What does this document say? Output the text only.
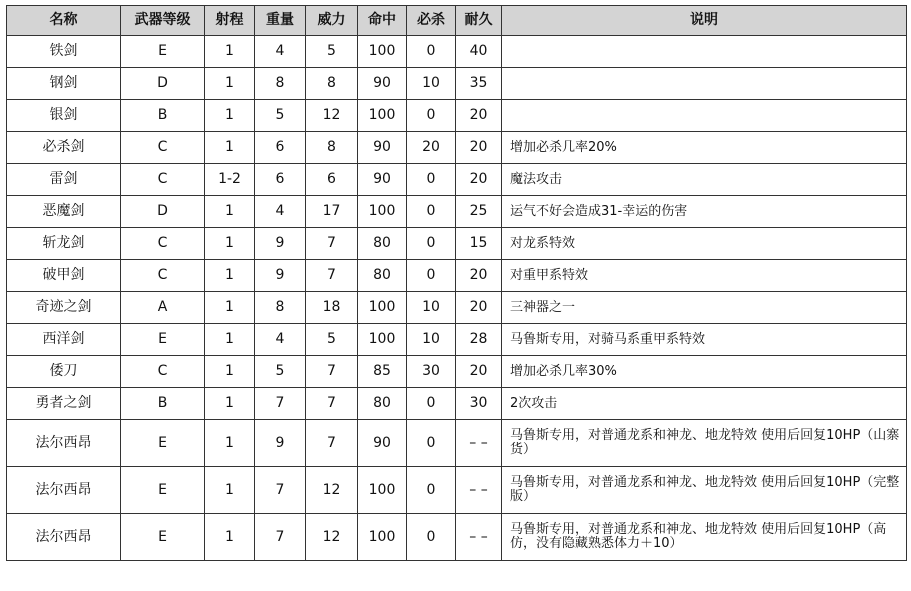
名称	武器等级	射程	重量	威力	命中	必杀	耐久	说明
铁剑	E	1	4	5	100	0	40	
钢剑	D	1	8	8	90	10	35	
银剑	B	1	5	12	100	0	20	
必杀剑	C	1	6	8	90	20	20	增加必杀几率20%
雷剑	C	1-2	6	6	90	0	20	魔法攻击
恶魔剑	D	1	4	17	100	0	25	运气不好会造成31-幸运的伤害
斩龙剑	C	1	9	7	80	0	15	对龙系特效
破甲剑	C	1	9	7	80	0	20	对重甲系特效
奇迹之剑	A	1	8	18	100	10	20	三神器之一
西洋剑	E	1	4	5	100	10	28	马鲁斯专用，对骑马系重甲系特效
倭刀	C	1	5	7	85	30	20	增加必杀几率30%
勇者之剑	B	1	7	7	80	0	30	2次攻击
法尔西昂	E	1	9	7	90	0	– –	马鲁斯专用，对普通龙系和神龙、地龙特效 使用后回复10HP（山寨货）
法尔西昂	E	1	7	12	100	0	– –	马鲁斯专用，对普通龙系和神龙、地龙特效 使用后回复10HP（完整版）
法尔西昂	E	1	7	12	100	0	– –	马鲁斯专用，对普通龙系和神龙、地龙特效 使用后回复10HP（高仿，没有隐藏熟悉体力＋10）
